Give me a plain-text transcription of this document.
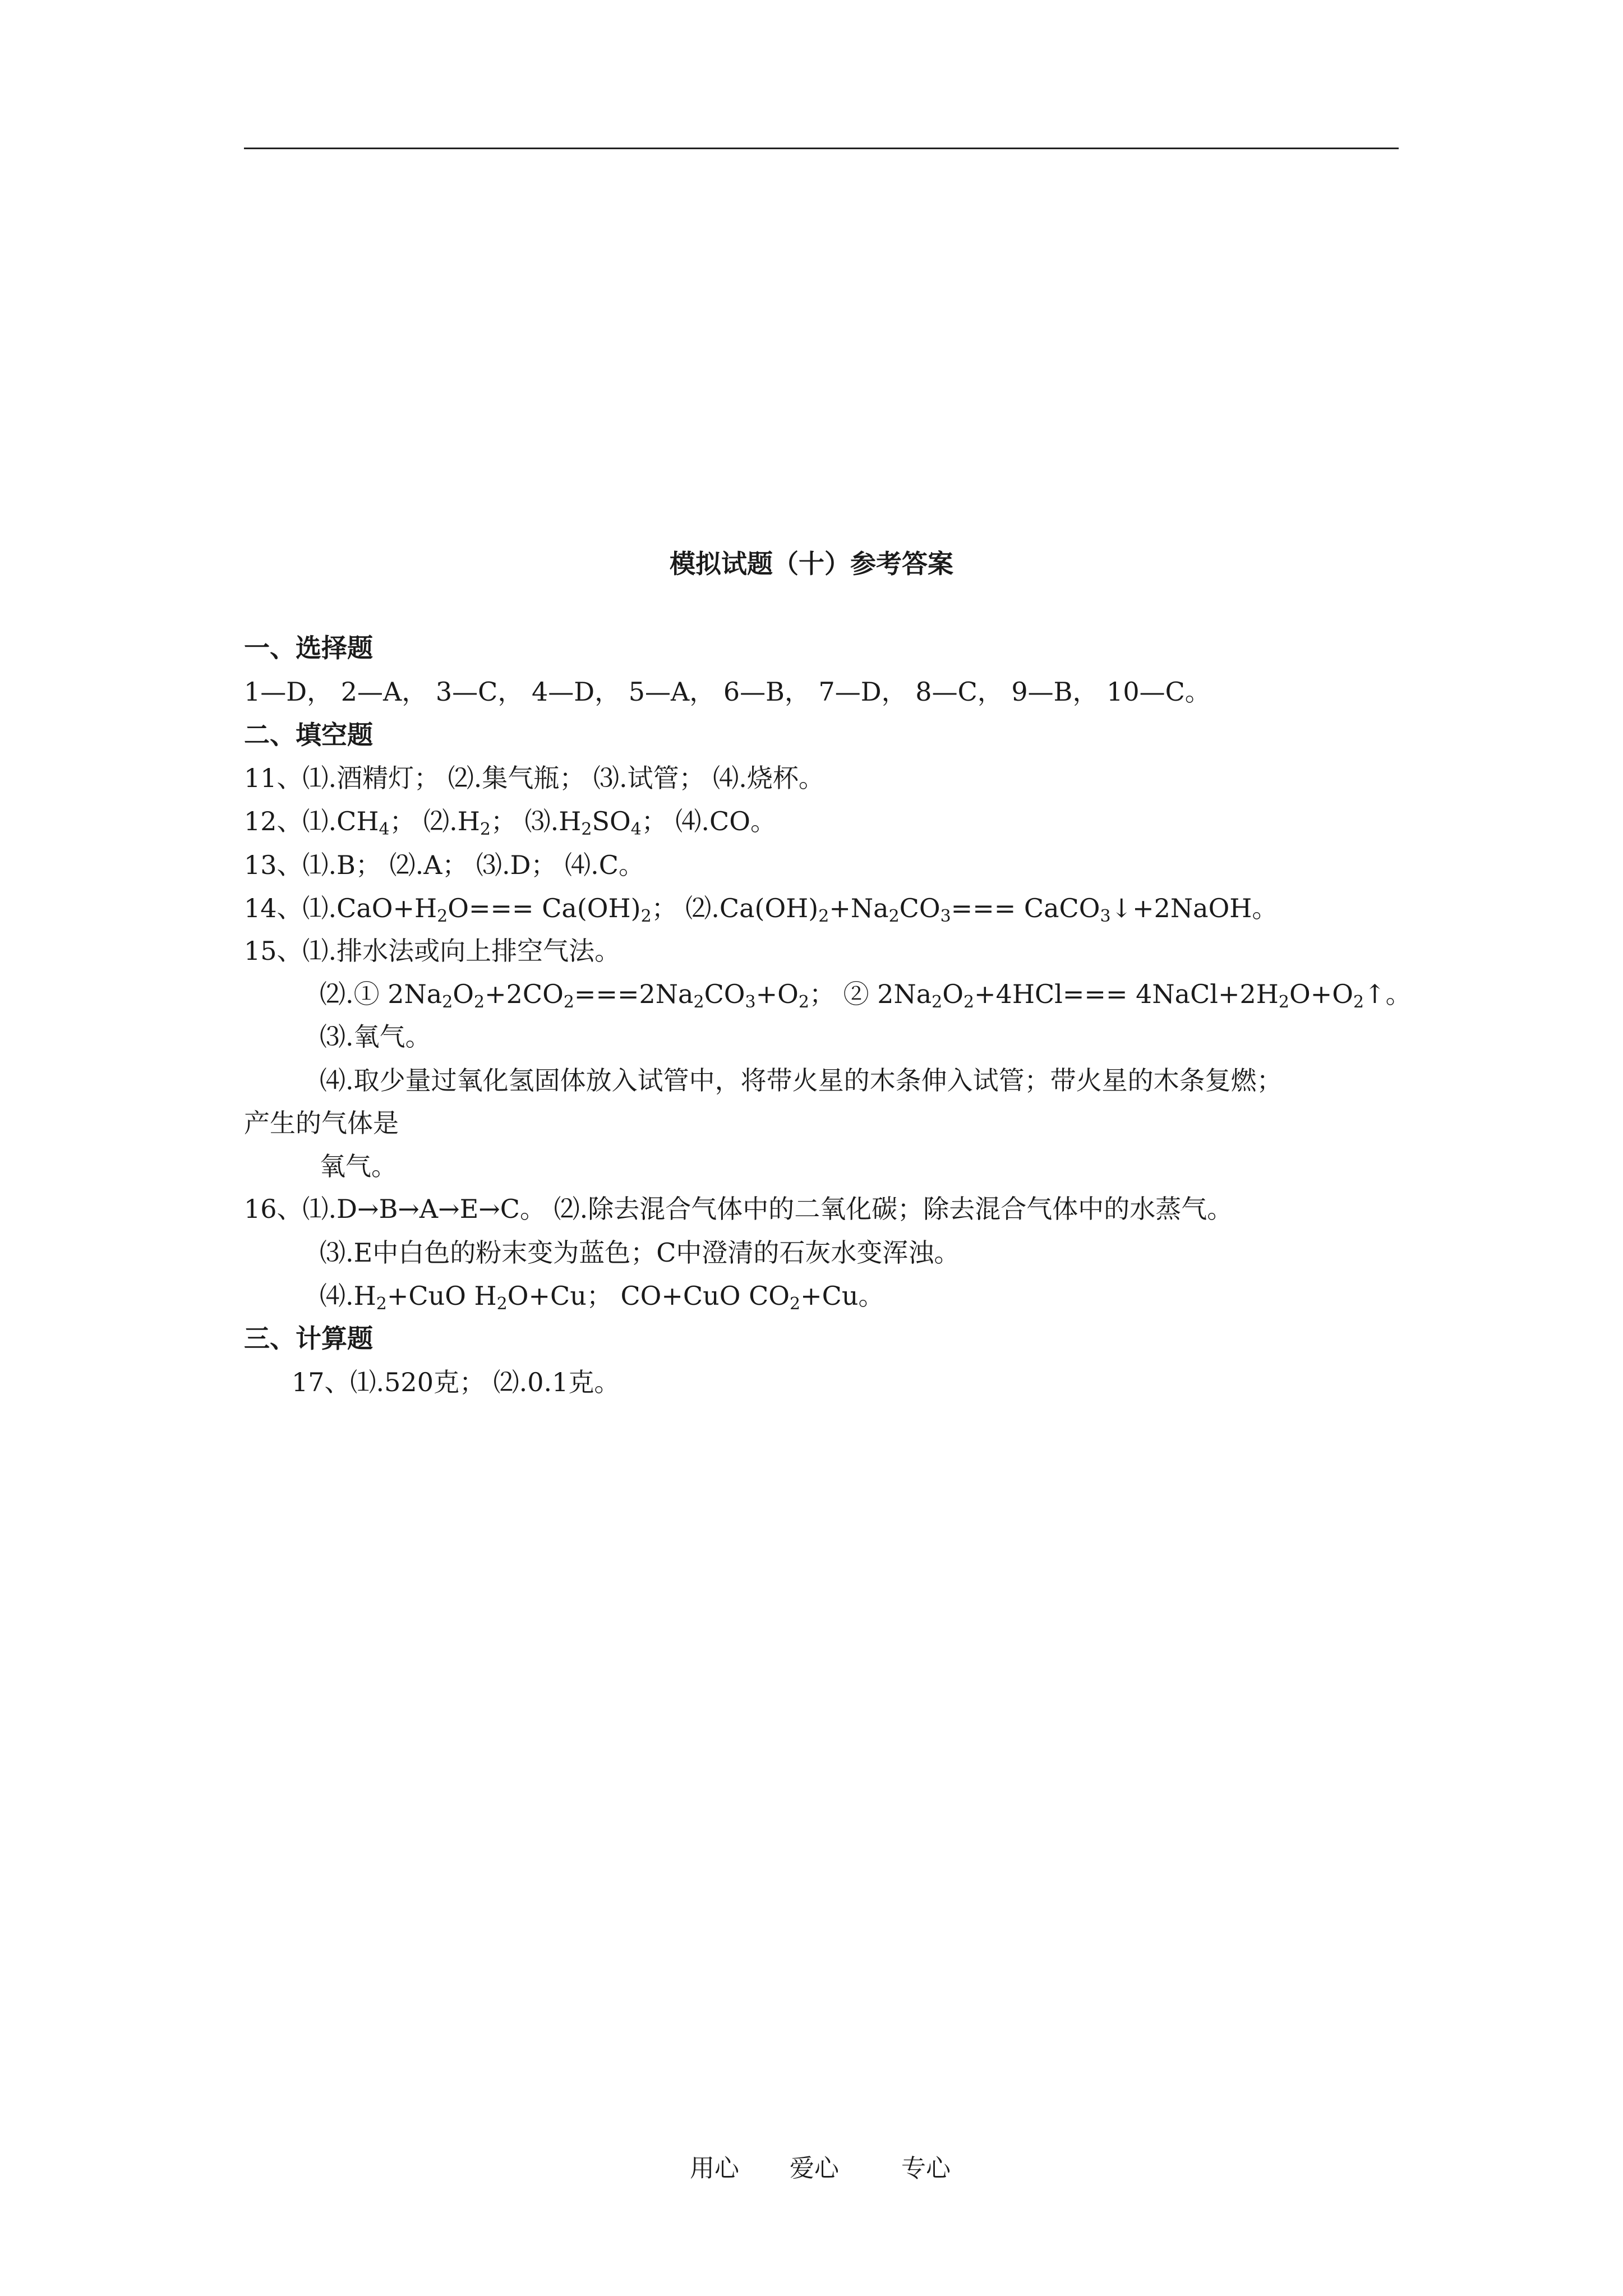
模拟试题（十）参考答案
一、选择题
1—D， 2—A， 3—C， 4—D， 5—A， 6—B， 7—D， 8—C， 9—B， 10—C。
二、填空题
11、⑴.酒精灯； ⑵.集气瓶； ⑶.试管； ⑷.烧杯。
12、$⑴.CH_4$； $⑵.H_2$； $⑶.H_2SO_4$； ⑷.CO。
13、⑴.B； ⑵.A； ⑶.D； ⑷.C。
14、$⑴.CaO+H_2O=== Ca(OH)_2$； $⑵.Ca(OH)_2+Na_2CO_3===$ CaCO$_3$↓+2NaOH。
15、⑴.排水法或向上排空气法。
⑵.① $2Na_2O_2+2CO_2===2Na_2CO_3+O_2$； ② $2Na_2O_2+4HCl===$ $4NaCl+2H_2O+O_2↑$。
⑶.氧气。
⑷.取少量过氧化氢固体放入试管中，将带火星的木条伸入试管；带火星的木条复燃；
产生的气体是
氧气。
16、⑴.D→B→A→E→C。 ⑵.除去混合气体中的二氧化碳；除去混合气体中的水蒸气。
⑶.E中白色的粉末变为蓝色；C中澄清的石灰水变浑浊。
$⑷.H_2+CuO$ $H_2O+Cu$； CO+CuO $CO_2+Cu$。
三、计算题
17、⑴.520克； ⑵.0.1克。
用心 爱心	专心
